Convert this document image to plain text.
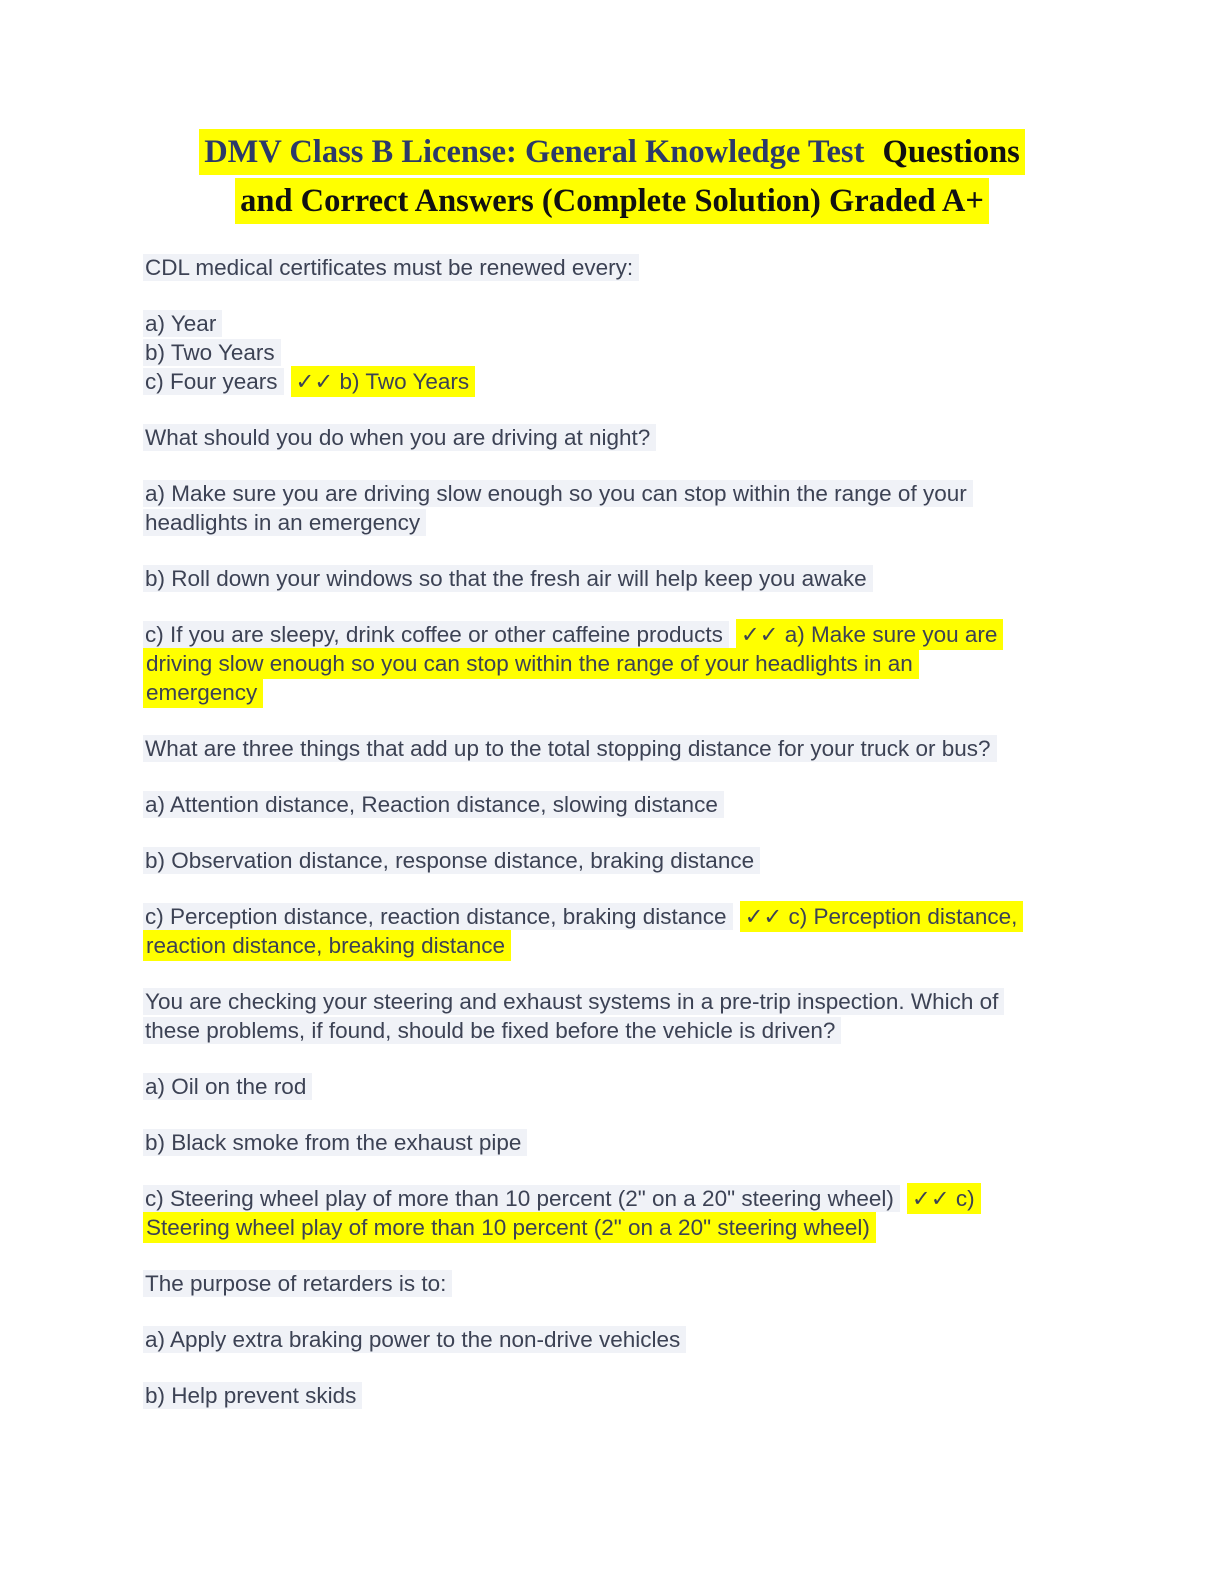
DMV Class B License: General Knowledge Test Questions
and Correct Answers (Complete Solution) Graded A+

CDL medical certificates must be renewed every:

a) Year
b) Two Years
c) Four years ✓✓ b) Two Years

What should you do when you are driving at night?

a) Make sure you are driving slow enough so you can stop within the range of your
headlights in an emergency

b) Roll down your windows so that the fresh air will help keep you awake

c) If you are sleepy, drink coffee or other caffeine products ✓✓ a) Make sure you are
driving slow enough so you can stop within the range of your headlights in an
emergency

What are three things that add up to the total stopping distance for your truck or bus?

a) Attention distance, Reaction distance, slowing distance

b) Observation distance, response distance, braking distance

c) Perception distance, reaction distance, braking distance ✓✓ c) Perception distance,
reaction distance, breaking distance

You are checking your steering and exhaust systems in a pre-trip inspection. Which of
these problems, if found, should be fixed before the vehicle is driven?

a) Oil on the rod

b) Black smoke from the exhaust pipe

c) Steering wheel play of more than 10 percent (2" on a 20" steering wheel) ✓✓ c)
Steering wheel play of more than 10 percent (2" on a 20" steering wheel)

The purpose of retarders is to:

a) Apply extra braking power to the non-drive vehicles

b) Help prevent skids
